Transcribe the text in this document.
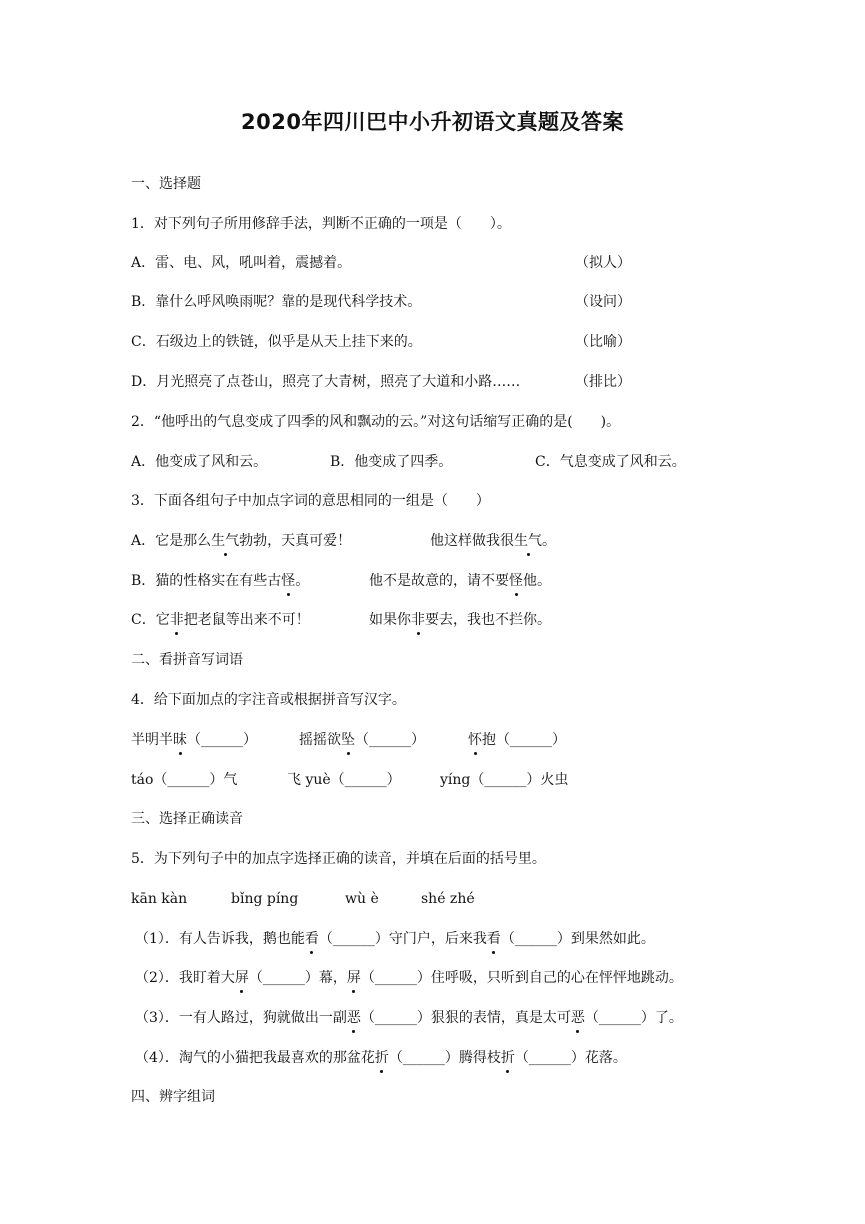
2020年四川巴中小升初语文真题及答案
一、选择题
1．对下列句子所用修辞手法，判断不正确的一项是（　　）。
A．雷、电、风，吼叫着，震撼着。	（拟人）
B．靠什么呼风唤雨呢？靠的是现代科学技术。	（设问）
C．石级边上的铁链，似乎是从天上挂下来的。	（比喻）
D．月光照亮了点苍山，照亮了大青树，照亮了大道和小路……	（排比）
2．“他呼出的气息变成了四季的风和飘动的云。”对这句话缩写正确的是(　　)。
A．他变成了风和云。	B．他变成了四季。	C．气息变成了风和云。
3．下面各组句子中加点字词的意思相同的一组是（　　）
A．它是那么生气勃勃，天真可爱！	他这样做我很生气。
B．猫的性格实在有些古怪。	他不是故意的，请不要怪他。
C．它非把老鼠等出来不可！	如果你非要去，我也不拦你。
二、看拼音写词语
4．给下面加点的字注音或根据拼音写汉字。
半明半昧（______）	摇摇欲坠（______）	怀抱（______）
táo（______）气	飞 yuè（______）	yíng（______）火虫
三、选择正确读音
5．为下列句子中的加点字选择正确的读音，并填在后面的括号里。
kān kàn	bǐng píng	wù è	shé zhé
（1）．有人告诉我，鹅也能看（______）守门户，后来我看（______）到果然如此。
（2）．我盯着大屏（______）幕，屏（______）住呼吸，只听到自己的心在怦怦地跳动。
（3）．一有人路过，狗就做出一副恶（______）狠狠的表情，真是太可恶（______）了。
（4）．淘气的小猫把我最喜欢的那盆花折（______）腾得枝折（______）花落。
四、辨字组词
